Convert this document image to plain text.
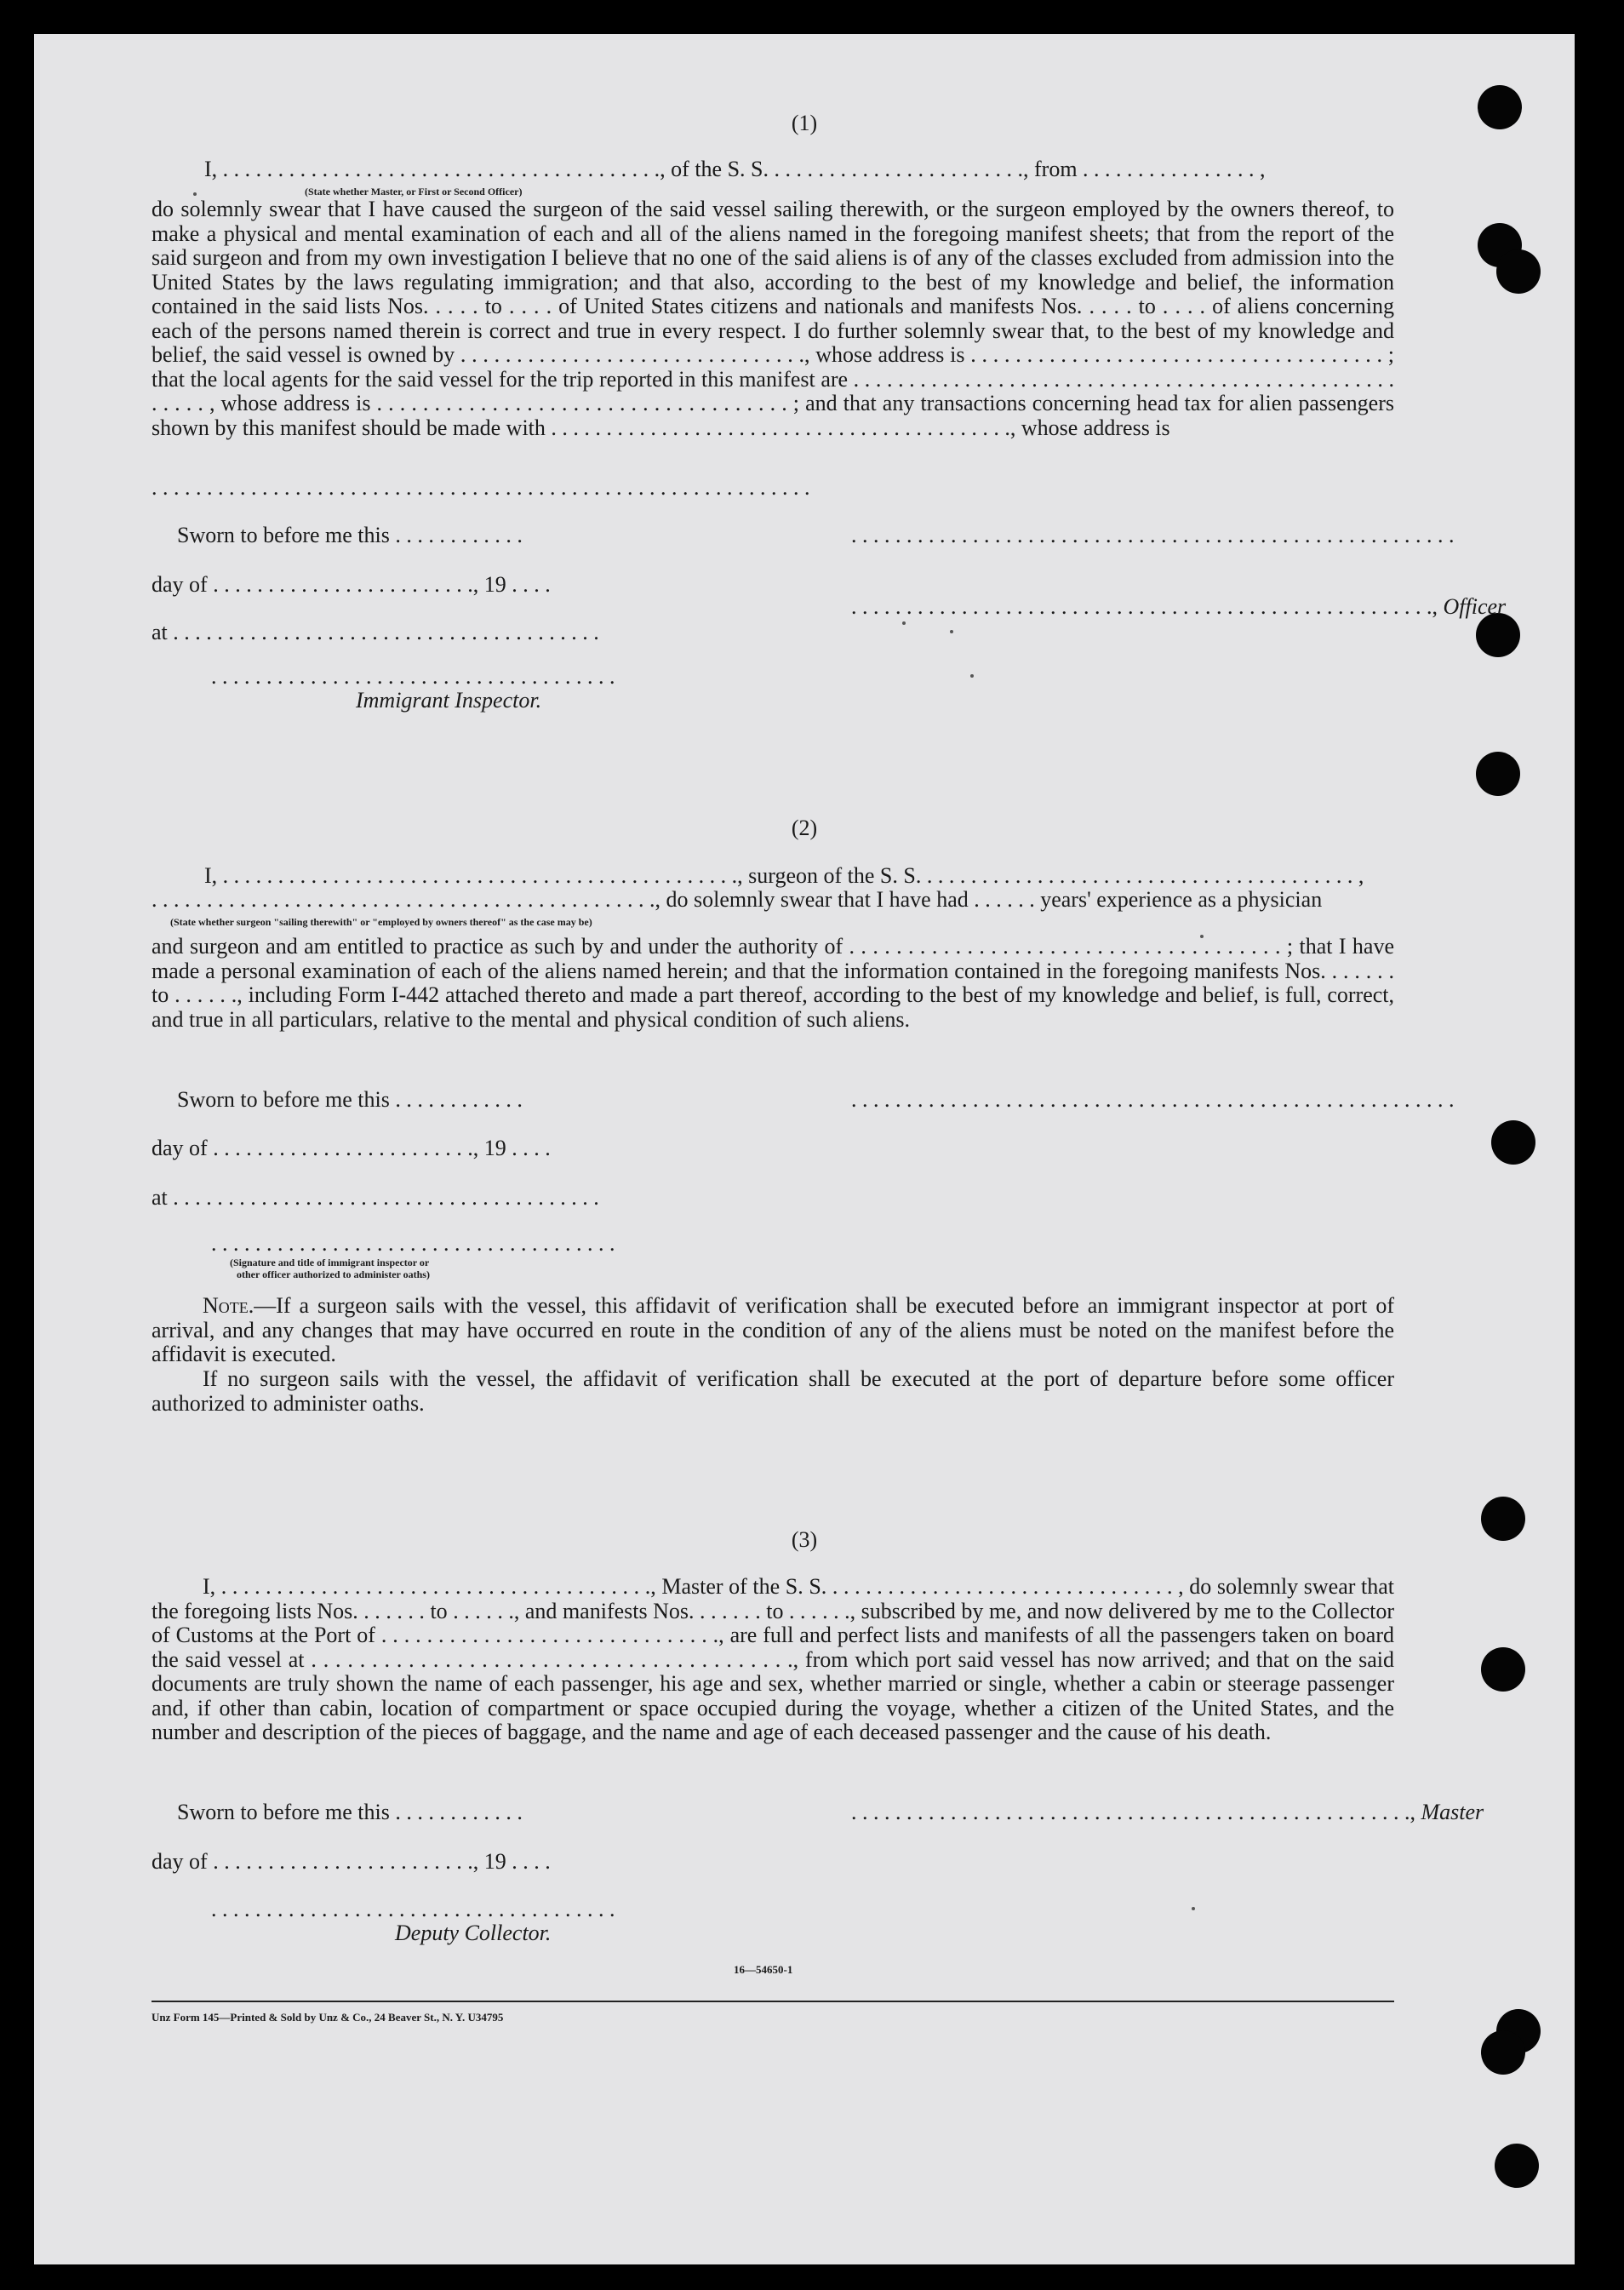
(1)
I, . . . . . . . . . . . . . . . . . . . . . . . . . . . . . . . . . . . . . . . ., of the S. S. . . . . . . . . . . . . . . . . . . . . . . ., from . . . . . . . . . . . . . . . . ,
(State whether Master, or First or Second Officer)
do solemnly swear that I have caused the surgeon of the said vessel sailing therewith, or the surgeon employed by the owners thereof, to make a physical and mental examination of each and all of the aliens named in the foregoing manifest sheets; that from the report of the said surgeon and from my own investigation I believe that no one of the said aliens is of any of the classes excluded from admission into the United States by the laws regulating immigration; and that also, according to the best of my knowledge and belief, the information contained in the said lists Nos. . . . . to . . . . of United States citizens and nationals and manifests Nos. . . . . to . . . . of aliens concerning each of the persons named therein is correct and true in every respect. I do further solemnly swear that, to the best of my knowledge and belief, the said vessel is owned by . . . . . . . . . . . . . . . . . . . . . . . . . . . . . . ., whose address is . . . . . . . . . . . . . . . . . . . . . . . . . . . . . . . . . . . . . ; that the local agents for the said vessel for the trip reported in this manifest are . . . . . . . . . . . . . . . . . . . . . . . . . . . . . . . . . . . . . . . . . . . . . . . . . . . . . . , whose address is . . . . . . . . . . . . . . . . . . . . . . . . . . . . . . . . . . . . ; and that any transactions concerning head tax for alien passengers shown by this manifest should be made with . . . . . . . . . . . . . . . . . . . . . . . . . . . . . . . . . . . . . . . . . ., whose address is
. . . . . . . . . . . . . . . . . . . . . . . . . . . . . . . . . . . . . . . . . . . . . . . . . . . . . . . . . . . .
Sworn to before me this . . . . . . . . . . . .	. . . . . . . . . . . . . . . . . . . . . . . . . . . . . . . . . . . . . . . . . . . . . . . . . . . . . . .
day of . . . . . . . . . . . . . . . . . . . . . . . ., 19 . . . .
. . . . . . . . . . . . . . . . . . . . . . . . . . . . . . . . . . . . . . . . . . . . . . . . . . . . ., Officer
at . . . . . . . . . . . . . . . . . . . . . . . . . . . . . . . . . . . . . . .
. . . . . . . . . . . . . . . . . . . . . . . . . . . . . . . . . . . . .
Immigrant Inspector.
(2)
I, . . . . . . . . . . . . . . . . . . . . . . . . . . . . . . . . . . . . . . . . . . . . . . ., surgeon of the S. S. . . . . . . . . . . . . . . . . . . . . . . . . . . . . . . . . . . . . . . . ,
. . . . . . . . . . . . . . . . . . . . . . . . . . . . . . . . . . . . . . . . . . . . . ., do solemnly swear that I have had . . . . . . years' experience as a physician
(State whether surgeon "sailing therewith" or "employed by owners thereof" as the case may be)
and surgeon and am entitled to practice as such by and under the authority of . . . . . . . . . . . . . . . . . . . . . . . . . . . . . . . . . . . . . ; that I have made a personal examination of each of the aliens named herein; and that the information contained in the foregoing manifests Nos. . . . . . . to . . . . . ., including Form I-442 attached thereto and made a part thereof, according to the best of my knowledge and belief, is full, correct, and true in all particulars, relative to the mental and physical condition of such aliens.
Sworn to before me this . . . . . . . . . . . .	. . . . . . . . . . . . . . . . . . . . . . . . . . . . . . . . . . . . . . . . . . . . . . . . . . . . . . .
day of . . . . . . . . . . . . . . . . . . . . . . . ., 19 . . . .
at . . . . . . . . . . . . . . . . . . . . . . . . . . . . . . . . . . . . . . .
. . . . . . . . . . . . . . . . . . . . . . . . . . . . . . . . . . . . .
(Signature and title of immigrant inspector or
other officer authorized to administer oaths)
Note.—If a surgeon sails with the vessel, this affidavit of verification shall be executed before an immigrant inspector at port of arrival, and any changes that may have occurred en route in the condition of any of the aliens must be noted on the manifest before the affidavit is executed.
If no surgeon sails with the vessel, the affidavit of verification shall be executed at the port of departure before some officer authorized to administer oaths.
(3)
I, . . . . . . . . . . . . . . . . . . . . . . . . . . . . . . . . . . . . . . ., Master of the S. S. . . . . . . . . . . . . . . . . . . . . . . . . . . . . . . . , do solemnly swear that the foregoing lists Nos. . . . . . . to . . . . . ., and manifests Nos. . . . . . . to . . . . . ., subscribed by me, and now delivered by me to the Collector of Customs at the Port of . . . . . . . . . . . . . . . . . . . . . . . . . . . . . ., are full and perfect lists and manifests of all the passengers taken on board the said vessel at . . . . . . . . . . . . . . . . . . . . . . . . . . . . . . . . . . . . . . . ., from which port said vessel has now arrived; and that on the said documents are truly shown the name of each passenger, his age and sex, whether married or single, whether a cabin or steerage passenger and, if other than cabin, location of compartment or space occupied during the voyage, whether a citizen of the United States, and the number and description of the pieces of baggage, and the name and age of each deceased passenger and the cause of his death.
Sworn to before me this . . . . . . . . . . . .	. . . . . . . . . . . . . . . . . . . . . . . . . . . . . . . . . . . . . . . . . . . . . . . . . . ., Master
day of . . . . . . . . . . . . . . . . . . . . . . . ., 19 . . . .
. . . . . . . . . . . . . . . . . . . . . . . . . . . . . . . . . . . . .
Deputy Collector.
16—54650-1
Unz Form 145—Printed & Sold by Unz & Co., 24 Beaver St., N. Y. U34795
